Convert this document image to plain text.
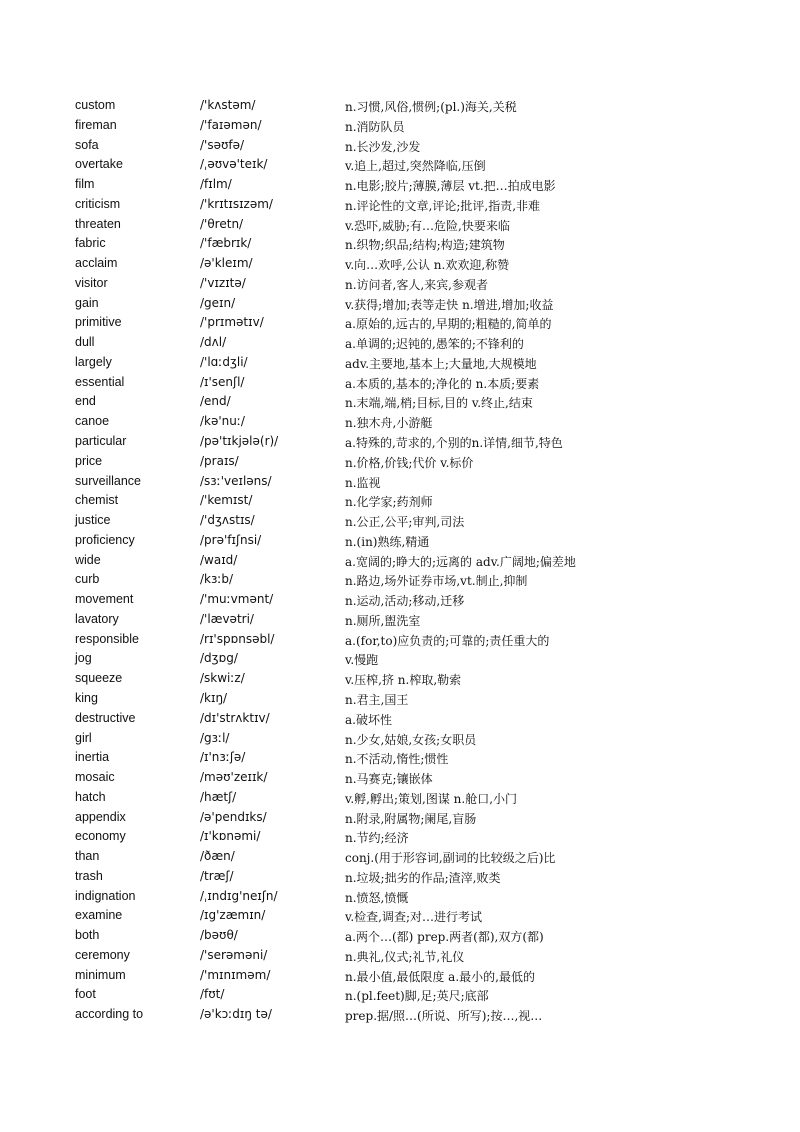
custom	/'kʌstəm/	n.习惯,风俗,惯例;(pl.)海关,关税
fireman	/'faɪəmən/	n.消防队员
sofa	/'səʊfə/	n.长沙发,沙发
overtake	/ˌəʊvə'teɪk/	v.追上,超过,突然降临,压倒
film	/fɪlm/	n.电影;胶片;薄膜,薄层 vt.把…拍成电影
criticism	/'krɪtɪsɪzəm/	n.评论性的文章,评论;批评,指责,非难
threaten	/'θretn/	v.恐吓,威胁;有…危险,快要来临
fabric	/'fæbrɪk/	n.织物;织品;结构;构造;建筑物
acclaim	/ə'kleɪm/	v.向…欢呼,公认 n.欢欢迎,称赞
visitor	/'vɪzɪtə/	n.访问者,客人,来宾,参观者
gain	/geɪn/	v.获得;增加;表等走快 n.增进,增加;收益
primitive	/'prɪmətɪv/	a.原始的,远古的,早期的;粗糙的,简单的
dull	/dʌl/	a.单调的;迟钝的,愚笨的;不锋利的
largely	/'lɑːdʒli/	adv.主要地,基本上;大量地,大规模地
essential	/ɪ'senʃl/	a.本质的,基本的;净化的 n.本质;要素
end	/end/	n.末端,端,梢;目标,目的 v.终止,结束
canoe	/kə'nuː/	n.独木舟,小游艇
particular	/pə'tɪkjələ(r)/	a.特殊的,苛求的,个别的n.详情,细节,特色
price	/praɪs/	n.价格,价钱;代价 v.标价
surveillance	/sɜː'veɪləns/	n.监视
chemist	/'kemɪst/	n.化学家;药剂师
justice	/'dʒʌstɪs/	n.公正,公平;审判,司法
proficiency	/prə'fɪʃnsi/	n.(in)熟练,精通
wide	/waɪd/	a.宽阔的;睁大的;远离的 adv.广阔地;偏差地
curb	/kɜːb/	n.路边,场外证券市场,vt.制止,抑制
movement	/'muːvmənt/	n.运动,活动;移动,迁移
lavatory	/'lævətri/	n.厕所,盥洗室
responsible	/rɪ'spɒnsəbl/	a.(for,to)应负责的;可靠的;责任重大的
jog	/dʒɒg/	v.慢跑
squeeze	/skwiːz/	v.压榨,挤 n.榨取,勒索
king	/kɪŋ/	n.君主,国王
destructive	/dɪ'strʌktɪv/	a.破坏性
girl	/gɜːl/	n.少女,姑娘,女孩;女职员
inertia	/ɪ'nɜːʃə/	n.不活动,惰性;惯性
mosaic	/məʊ'zeɪɪk/	n.马赛克;镶嵌体
hatch	/hætʃ/	v.孵,孵出;策划,图谋 n.舱口,小门
appendix	/ə'pendɪks/	n.附录,附属物;阑尾,盲肠
economy	/ɪ'kɒnəmi/	n.节约;经济
than	/ðæn/	conj.(用于形容词,副词的比较级之后)比
trash	/træʃ/	n.垃圾;拙劣的作品;渣滓,败类
indignation	/ˌɪndɪg'neɪʃn/	n.愤怒,愤慨
examine	/ɪg'zæmɪn/	v.检查,调查;对…进行考试
both	/bəʊθ/	a.两个…(都) prep.两者(都),双方(都)
ceremony	/'serəməni/	n.典礼,仪式;礼节,礼仪
minimum	/'mɪnɪməm/	n.最小值,最低限度 a.最小的,最低的
foot	/fʊt/	n.(pl.feet)脚,足;英尺;底部
according to	/ə'kɔːdɪŋ tə/	prep.据/照…(所说、所写);按…,视…
